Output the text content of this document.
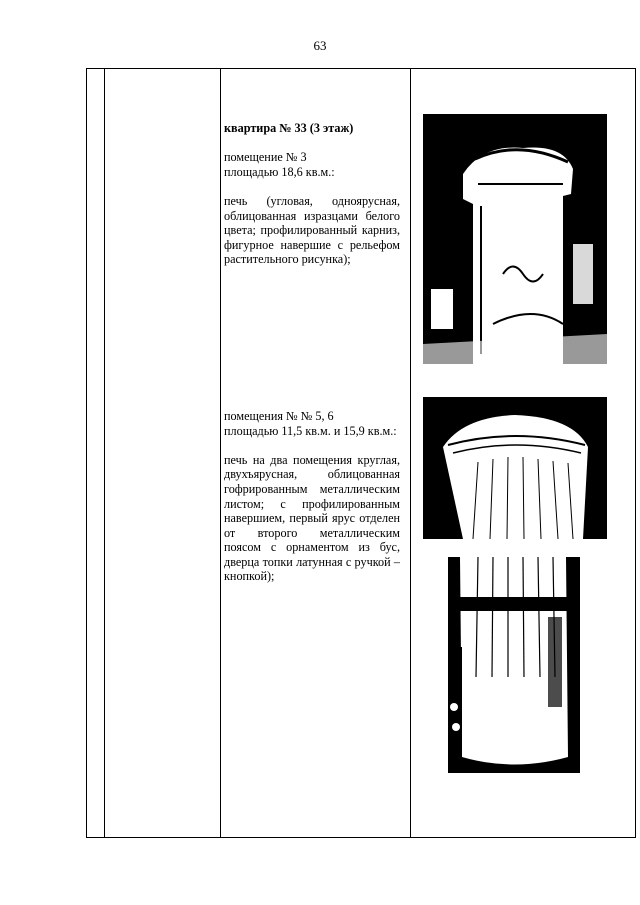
63

квартира № 33 (3 этаж)

помещение № 3

площадью 18,6 кв.м.:

печь (угловая, одноярусная, облицованная изразцами белого цвета; профилированный карниз, фигурное навершие с рельефом растительного рисунка);

помещения № № 5, 6

площадью 11,5 кв.м. и 15,9 кв.м.:

печь на два помещения круглая, двухъярусная, облицованная гофрированным металлическим листом; с профилированным навершием, первый ярус отделен от второго металлическим поясом с орнаментом из бус, дверца топки латунная с ручкой – кнопкой);
